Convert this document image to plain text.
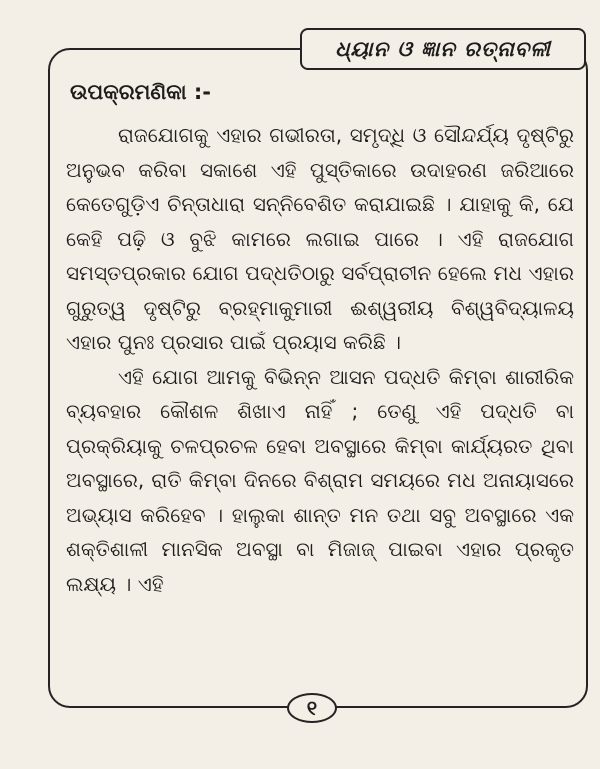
ଧ୍ୟାନ ଓ ଜ୍ଞାନ ରତ୍ନାବଳୀ
ଉପକ୍ରମଣିକା :-

ରାଜଯୋଗକୁ ଏହାର ଗଭୀରତା, ସମୃଦ୍ଧି ଓ ସୌନ୍ଦର୍ଯ୍ୟ ଦୃଷ୍ଟିରୁ ଅନୁଭବ କରିବା ସକାଶେ ଏହି ପୁସ୍ତିକାରେ ଉଦାହରଣ ଜରିଆରେ କେତେଗୁଡ଼ିଏ ଚିନ୍ତାଧାରା ସନ୍ନିବେଶିତ କରାଯାଇଛି । ଯାହାକୁ କି, ଯେ କେହି ପଢ଼ି ଓ ବୁଝି କାମରେ ଲଗାଇ ପାରେ । ଏହି ରାଜଯୋଗ ସମସ୍ତପ୍ରକାର ଯୋଗ ପଦ୍ଧତିଠାରୁ ସର୍ବପ୍ରାଚୀନ ହେଲେ ମଧ ଏହାର ଗୁରୁତ୍ୱ ଦୃଷ୍ଟିରୁ ବ୍ରହ୍ମାକୁମାରୀ ଈଶ୍ୱରୀୟ ବିଶ୍ୱବିଦ୍ୟାଳୟ ଏହାର ପୁନଃ ପ୍ରସାର ପାଇଁ ପ୍ରୟାସ କରିଛି ।

ଏହି ଯୋଗ ଆମକୁ ବିଭିନ୍ନ ଆସନ ପଦ୍ଧତି କିମ୍ବା ଶାରୀରିକ ବ୍ୟବହାର କୌଶଳ ଶିଖାଏ ନାହିଁ ; ତେଣୁ ଏହି ପଦ୍ଧତି ବା ପ୍ରକ୍ରିୟାକୁ ଚଳପ୍ରଚଳ ହେବା ଅବସ୍ଥାରେ କିମ୍ବା କାର୍ଯ୍ୟରତ ଥିବା ଅବସ୍ଥାରେ, ରାତି କିମ୍ବା ଦିନରେ ବିଶ୍ରାମ ସମୟରେ ମଧ ଅନାୟାସରେ ଅଭ୍ୟାସ କରିହେବ । ହାଲୁକା ଶାନ୍ତ ମନ ତଥା ସବୁ ଅବସ୍ଥାରେ ଏକ ଶକ୍ତିଶାଳୀ ମାନସିକ ଅବସ୍ଥା ବା ମିଜାଜ୍ ପାଇବା ଏହାର ପ୍ରକୃତ ଲକ୍ଷ୍ୟ । ଏହି

୧
